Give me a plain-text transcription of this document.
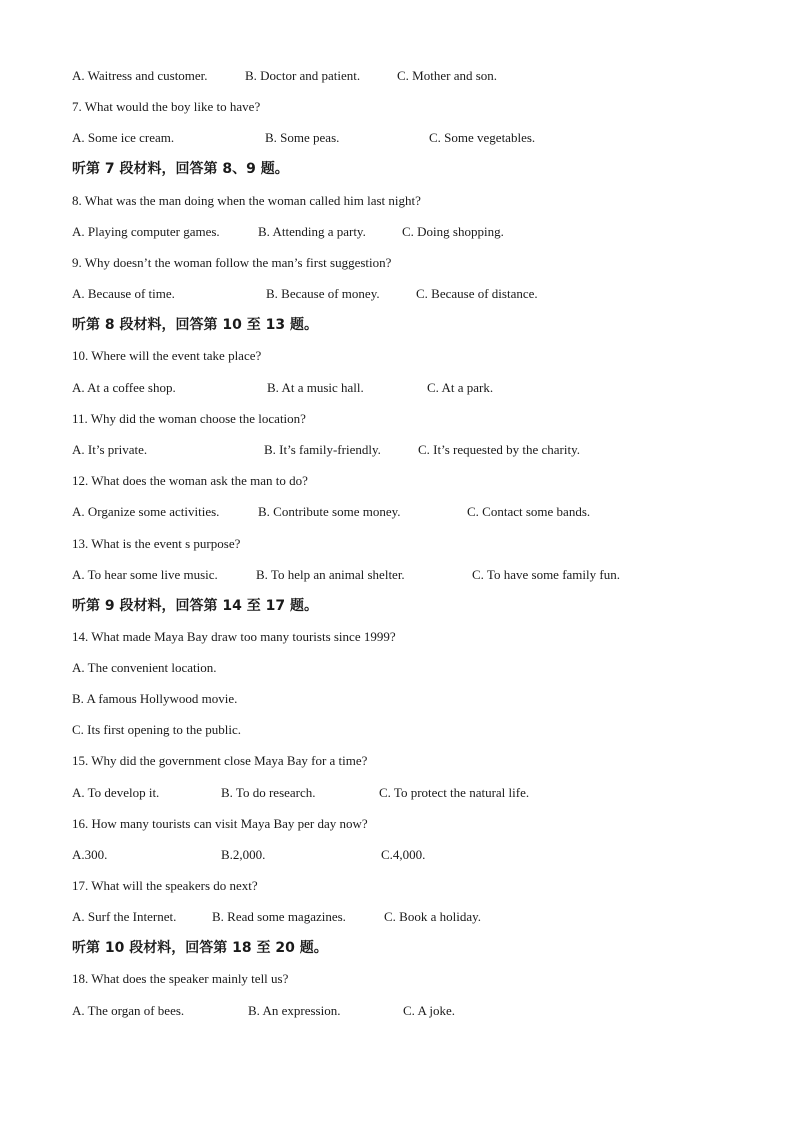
A. Waitress and customer.	B. Doctor and patient.	C. Mother and son.
7. What would the boy like to have?
A. Some ice cream.	B. Some peas.	C. Some vegetables.
听第 7 段材料，回答第 8、9 题。
8. What was the man doing when the woman called him last night?
A. Playing computer games.	B. Attending a party.	C. Doing shopping.
9. Why doesn’t the woman follow the man’s first suggestion?
A. Because of time.	B. Because of money.	C. Because of distance.
听第 8 段材料，回答第 10 至 13 题。
10. Where will the event take place?
A. At a coffee shop.	B. At a music hall.	C. At a park.
11. Why did the woman choose the location?
A. It’s private.	B. It’s family-friendly.	C. It’s requested by the charity.
12. What does the woman ask the man to do?
A. Organize some activities.	B. Contribute some money.	C. Contact some bands.
13. What is the event s purpose?
A. To hear some live music.	B. To help an animal shelter.	C. To have some family fun.
听第 9 段材料，回答第 14 至 17 题。
14. What made Maya Bay draw too many tourists since 1999?
A. The convenient location.
B. A famous Hollywood movie.
C. Its first opening to the public.
15. Why did the government close Maya Bay for a time?
A. To develop it.	B. To do research.	C. To protect the natural life.
16. How many tourists can visit Maya Bay per day now?
A.300.	B.2,000.	C.4,000.
17. What will the speakers do next?
A. Surf the Internet.	B. Read some magazines.	C. Book a holiday.
听第 10 段材料，回答第 18 至 20 题。
18. What does the speaker mainly tell us?
A. The organ of bees.	B. An expression.	C. A joke.
